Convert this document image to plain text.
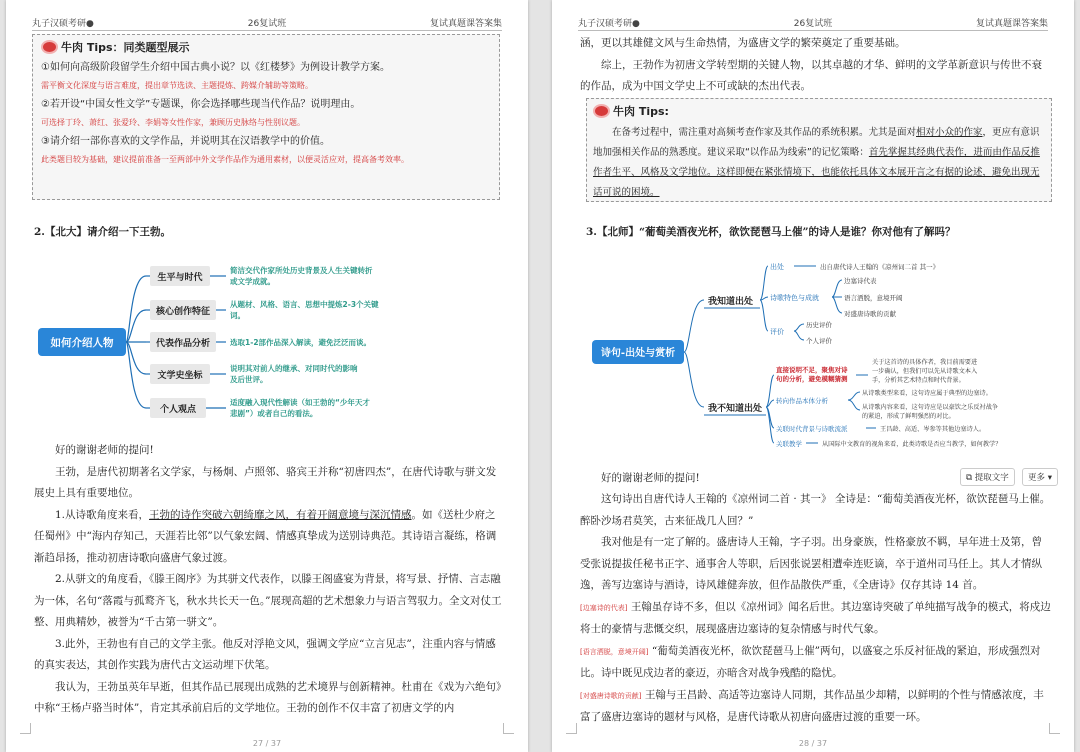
丸子汉硕考研●	26复试班	复试真题课答案集
牛肉 Tips：同类题型展示

①如何向高级阶段留学生介绍中国古典小说？以《红楼梦》为例设计教学方案。

需平衡文化深度与语言难度，提出章节选读、主题提炼、跨媒介辅助等策略。

②若开设“中国女性文学”专题课，你会选择哪些现当代作品？说明理由。

可选择丁玲、萧红、张爱玲、李娟等女性作家，兼顾历史脉络与性别议题。

③请介绍一部你喜欢的文学作品，并说明其在汉语教学中的价值。

此类题目较为基础，建议提前准备一至两部中外文学作品作为通用素材，以便灵活应对，提高备考效率。

2.【北大】请介绍一下王勃。
如何介绍人物
生平与时代
简洁交代作家所处历史背景及人生关键转折
或文学成就。
核心创作特征
从题材、风格、语言、思想中提炼2-3个关键
词。
代表作品分析	选取1-2部作品深入解读，避免泛泛而谈。
文学史坐标
说明其对前人的继承、对同时代的影响
及后世评。
个人观点
适度融入现代性解读（如王勃的“少年天才
悲剧”）或者自己的看法。

好的谢谢老师的提问!

王勃，是唐代初期著名文学家，与杨炯、卢照邻、骆宾王并称“初唐四杰”，在唐代诗歌与骈文发展史上具有重要地位。

1.从诗歌角度来看，王勃的诗作突破六朝绮靡之风，有着开阔意境与深沉情感。如《送杜少府之任蜀州》中“海内存知己，天涯若比邻”以气象宏阔、情感真挚成为送别诗典范。其诗语言凝练，格调渐趋昂扬，推动初唐诗歌向盛唐气象过渡。

2.从骈文的角度看，《滕王阁序》为其骈文代表作，以滕王阁盛宴为背景，将写景、抒情、言志融为一体，名句“落霞与孤鹜齐飞，秋水共长天一色。”展现高超的艺术想象力与语言驾驭力。全文对仗工整、用典精妙，被誉为“千古第一骈文”。

3.此外，王勃也有自己的文学主张。他反对浮艳文风，强调文学应“立言见志”，注重内容与情感的真实表达，其创作实践为唐代古文运动埋下伏笔。

我认为，王勃虽英年早逝，但其作品已展现出成熟的艺术境界与创新精神。杜甫在《戏为六绝句》中称“王杨卢骆当时体”，肯定其承前启后的文学地位。王勃的创作不仅丰富了初唐文学的内

27 / 37
丸子汉硕考研●	26复试班	复试真题课答案集

涵，更以其雄健文风与生命热情，为盛唐文学的繁荣奠定了重要基础。

综上，王勃作为初唐文学转型期的关键人物，以其卓越的才华、鲜明的文学革新意识与传世不衰的作品，成为中国文学史上不可或缺的杰出代表。

牛肉 Tips:

在备考过程中，需注重对高频考查作家及其作品的系统积累。尤其是面对相对小众的作家，更应有意识地加强相关作品的熟悉度。建议采取“以作品为线索”的记忆策略：首先掌握其经典代表作，进而由作品反推作者生平、风格及文学地位。这样即便在紧张情境下，也能依托具体文本展开言之有据的论述，避免出现无话可说的困境。

3.【北师】“葡萄美酒夜光杯，欲饮琵琶马上催”的诗人是谁？你对他有了解吗？
诗句-出处与赏析
我知道出处
出处	出自唐代诗人王翰的《凉州词二首 其一》
诗歌特色与成就
边塞诗代表
语言洒脱，意境开阔
对盛唐诗歌的贡献
评价
历史评价
个人评价
我不知道出处
直接说明不足，聚焦对诗
句的分析，避免模糊猜测
关于这首诗的具体作者，我目前需要进
一步确认，但我们可以先从诗歌文本入
手，分析其艺术特点和时代背景。
转向作品本体分析
从诗歌类型来看，这句诗应属于典型的边塞诗。
从诗歌内容来看，这句诗应是以豪饮之乐反衬战争
的紧迫，形成了鲜明强烈的对比。
关联时代背景与诗歌流派	王昌龄、高适、岑参等其他边塞诗人。
关联教学	从国际中文教育的视角来看，此类诗歌是否应当教学，如何教学？
⧉ 提取文字	更多 ▾

好的谢谢老师的提问!

这句诗出自唐代诗人王翰的《凉州词二首 · 其一》 全诗是：“葡萄美酒夜光杯，欲饮琵琶马上催。醉卧沙场君莫笑，古来征战几人回？”

我对他是有一定了解的。盛唐诗人王翰，字子羽。出身豪族，性格豪放不羁，早年进士及第，曾受张说提拔任秘书正字、通事舍人等职，后因张说罢相遭牵连贬谪，卒于道州司马任上。其人才情纵逸，善写边塞诗与酒诗，诗风雄健奔放，但作品散佚严重，《全唐诗》仅存其诗 14 首。

[边塞诗的代表] 王翰虽存诗不多，但以《凉州词》闻名后世。其边塞诗突破了单纯描写战争的模式，将戍边将士的豪情与悲慨交织，展现盛唐边塞诗的复杂情感与时代气象。

[语言洒脱，意境开阔] “葡萄美酒夜光杯，欲饮琵琶马上催”两句，以盛宴之乐反衬征战的紧迫，形成强烈对比。诗中既见戍边者的豪迈，亦暗含对战争残酷的隐忧。

[对盛唐诗歌的贡献] 王翰与王昌龄、高适等边塞诗人同期，其作品虽少却精，以鲜明的个性与情感浓度，丰富了盛唐边塞诗的题材与风格，是唐代诗歌从初唐向盛唐过渡的重要一环。

28 / 37
